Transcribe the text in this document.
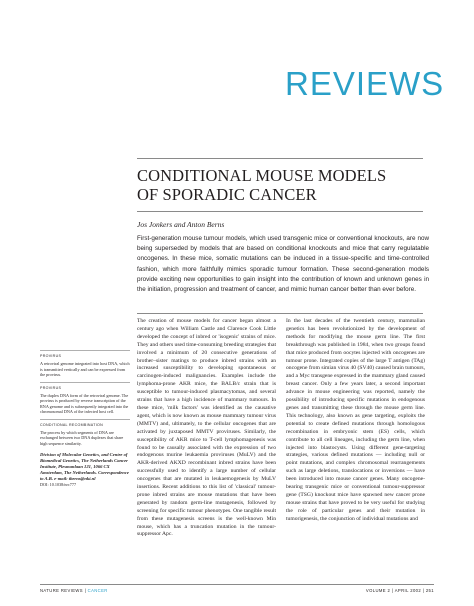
REVIEWS
CONDITIONAL MOUSE MODELS
OF SPORADIC CANCER
Jos Jonkers and Anton Berns
First-generation mouse tumour models, which used transgenic mice or conventional knockouts, are now being superseded by models that are based on conditional knockouts and mice that carry regulatable oncogenes. In these mice, somatic mutations can be induced in a tissue-specific and time-controlled fashion, which more faithfully mimics sporadic tumour formation. These second-generation models provide exciting new opportunities to gain insight into the contribution of known and unknown genes in the initiation, progression and treatment of cancer, and mimic human cancer better than ever before.
PROVIRUS
A retroviral genome integrated into host DNA, which is transmitted vertically and can be expressed from the provirus.
PROVIRUS
The duplex DNA form of the retroviral genome. The provirus is produced by reverse transcription of the RNA genome and is subsequently integrated into the chromosomal DNA of the infected host cell.
CONDITIONAL RECOMBINATION
The process by which segments of DNA are exchanged between two DNA duplexes that share high sequence similarity.
Division of Molecular Genetics, and Centre of Biomedical Genetics, The Netherlands Cancer Institute, Plesmanlaan 121, 1066 CX Amsterdam, The Netherlands. Correspondence to A.B. e-mail: tberns@nki.nl
DOI: 10.1038/nrc777
The creation of mouse models for cancer began almost a century ago when William Castle and Clarence Cook Little developed the concept of inbred or 'isogenic' strains of mice. They and others used time-consuming breeding strategies that involved a minimum of 20 consecutive generations of brother–sister matings to produce inbred strains with an increased susceptibility to developing spontaneous or carcinogen-induced malignancies. Examples include the lymphoma-prone AKR mice, the BALB/c strain that is susceptible to tumour-induced plasmacytomas, and several strains that have a high incidence of mammary tumours. In these mice, 'milk factors' was identified as the causative agent, which is now known as mouse mammary tumour virus (MMTV) and, ultimately, to the cellular oncogenes that are activated by juxtaposed MMTV proviruses. Similarly, the susceptibility of AKR mice to T-cell lymphomagenesis was found to be causally associated with the expression of two endogenous murine leukaemia proviruses (MuLV) and the AKR-derived AKXD recombinant inbred strains have been successfully used to identify a large number of cellular oncogenes that are mutated in leukaemogenesis by MuLV insertions. Recent additions to this list of 'classical' tumour-prone inbred strains are mouse mutations that have been generated by random germ-line mutagenesis, followed by screening for specific tumour phenotypes. One tangible result from these mutagenesis screens is the well-known Min mouse, which has a truncation mutation in the tumour-suppressor Apc.
In the last decades of the twentieth century, mammalian genetics has been revolutionized by the development of methods for modifying the mouse germ line. The first breakthrough was published in 1984, when two groups found that mice produced from oocytes injected with oncogenes are tumour prone. Integrated copies of the large T antigen (TAg) oncogene from simian virus 40 (SV40) caused brain tumours, and a Myc transgene expressed in the mammary gland caused breast cancer. Only a few years later, a second important advance in mouse engineering was reported, namely the possibility of introducing specific mutations in endogenous genes and transmitting these through the mouse germ line. This technology, also known as gene targeting, exploits the potential to create defined mutations through homologous recombination in embryonic stem (ES) cells, which contribute to all cell lineages, including the germ line, when injected into blastocysts. Using different gene-targeting strategies, various defined mutations — including null or point mutations, and complex chromosomal rearrangements such as large deletions, translocations or inversions — have been introduced into mouse cancer genes. Many oncogene-bearing transgenic mice or conventional tumour-suppressor gene (TSG) knockout mice have spawned new cancer prone mouse strains that have proved to be very useful for studying the role of particular genes and their mutation in tumorigenesis, the conjunction of individual mutations and
NATURE REVIEWS | CANCER	VOLUME 2 | APRIL 2002 | 251
